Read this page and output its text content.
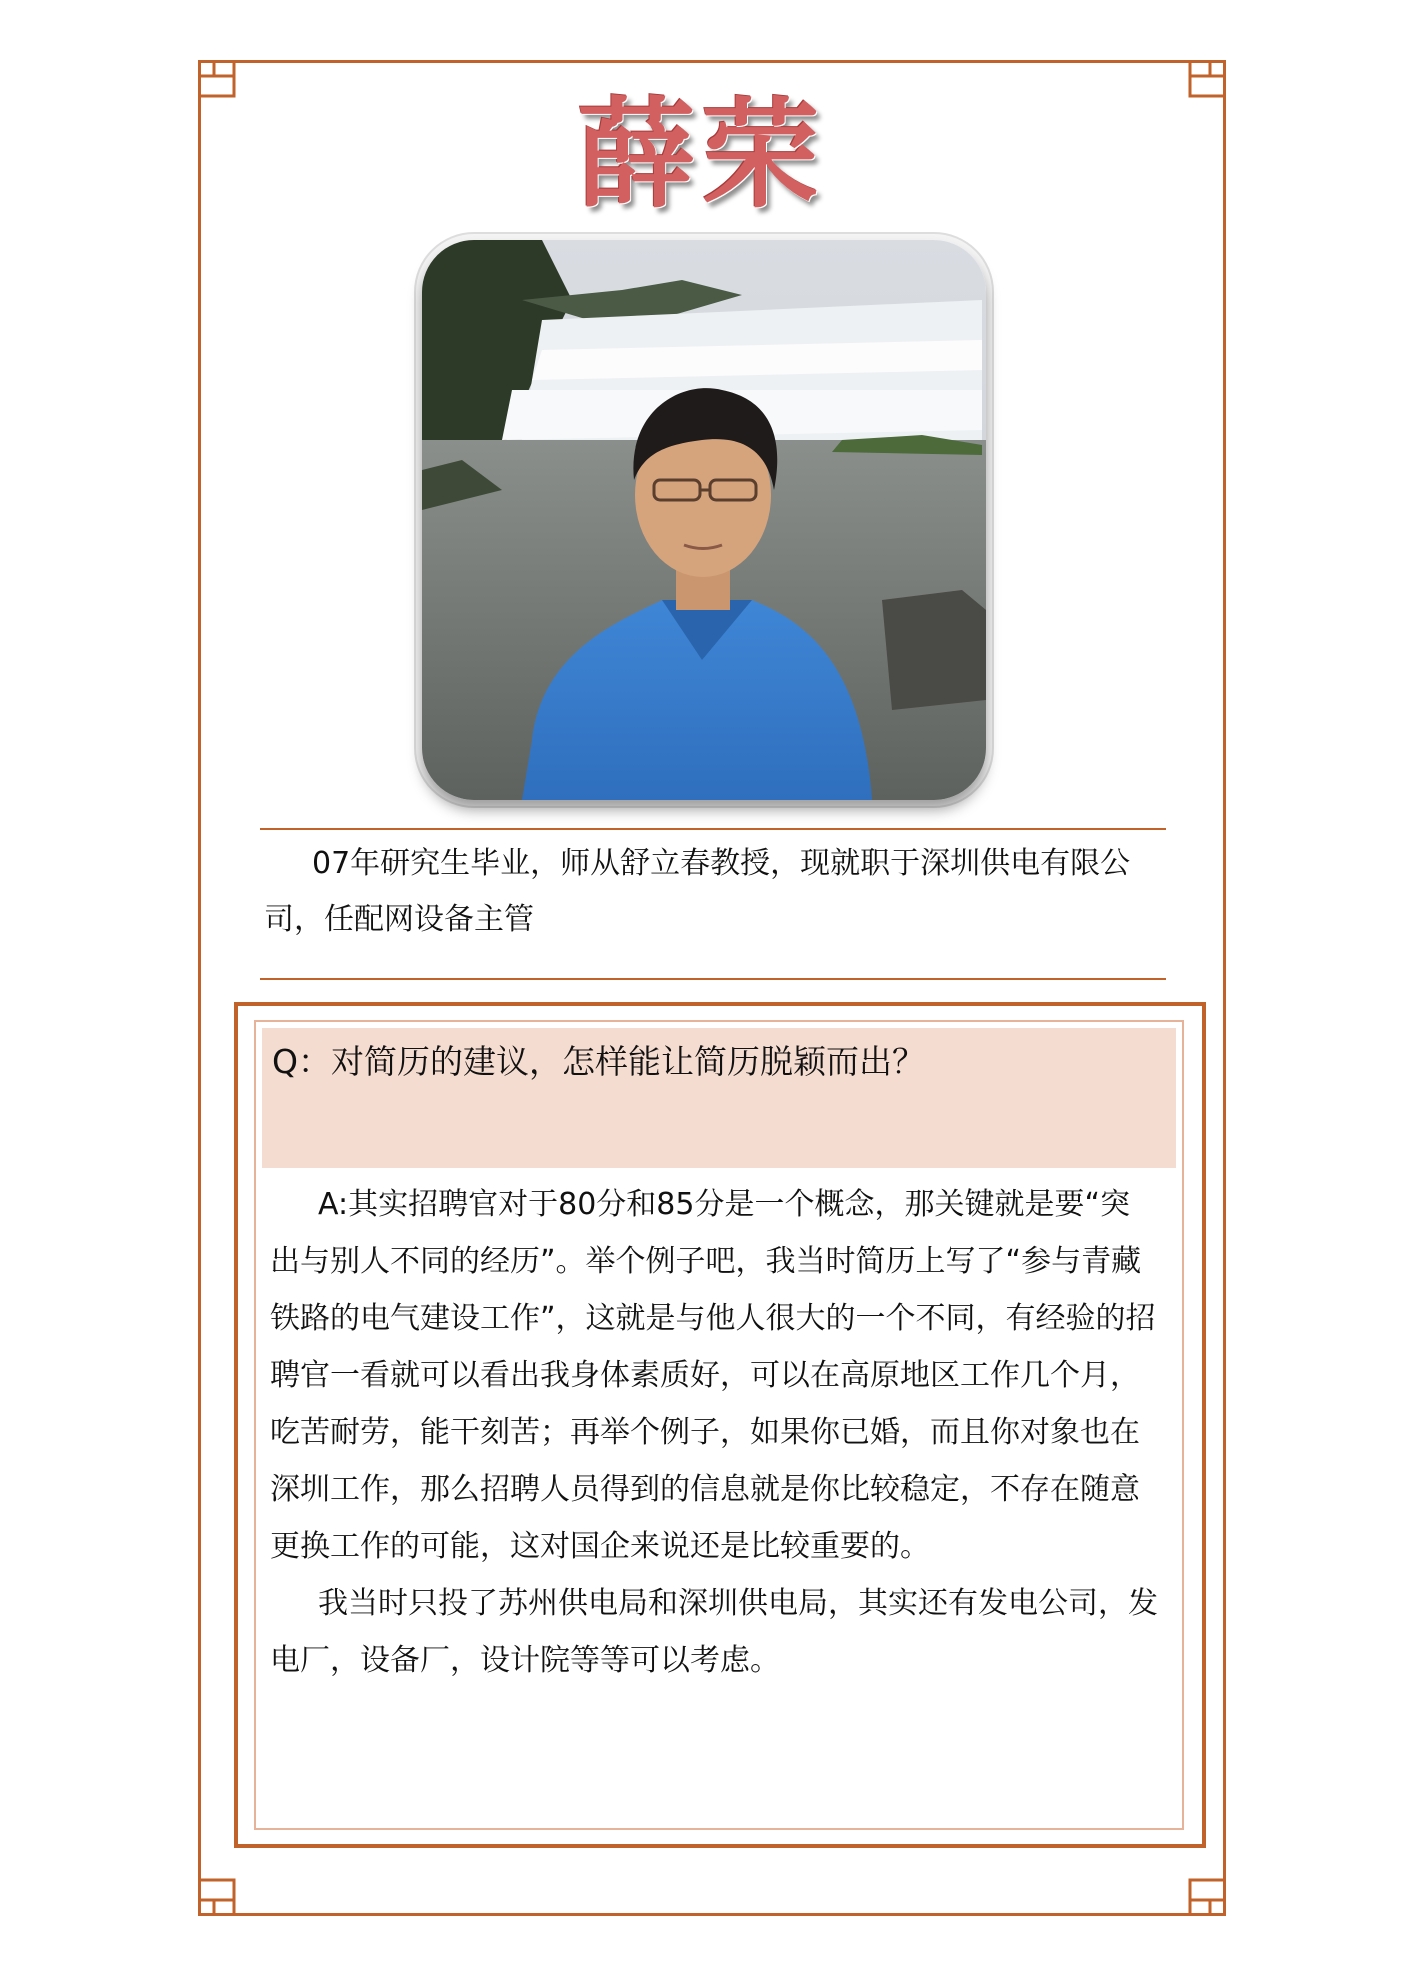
薛荣
07年研究生毕业，师从舒立春教授，现就职于深圳供电有限公司，任配网设备主管
Q：对简历的建议，怎样能让简历脱颖而出？

A:其实招聘官对于80分和85分是一个概念，那关键就是要“突出与别人不同的经历”。举个例子吧，我当时简历上写了“参与青藏铁路的电气建设工作”，这就是与他人很大的一个不同，有经验的招聘官一看就可以看出我身体素质好，可以在高原地区工作几个月，吃苦耐劳，能干刻苦；再举个例子，如果你已婚，而且你对象也在深圳工作，那么招聘人员得到的信息就是你比较稳定，不存在随意更换工作的可能，这对国企来说还是比较重要的。

我当时只投了苏州供电局和深圳供电局，其实还有发电公司，发电厂，设备厂，设计院等等可以考虑。
